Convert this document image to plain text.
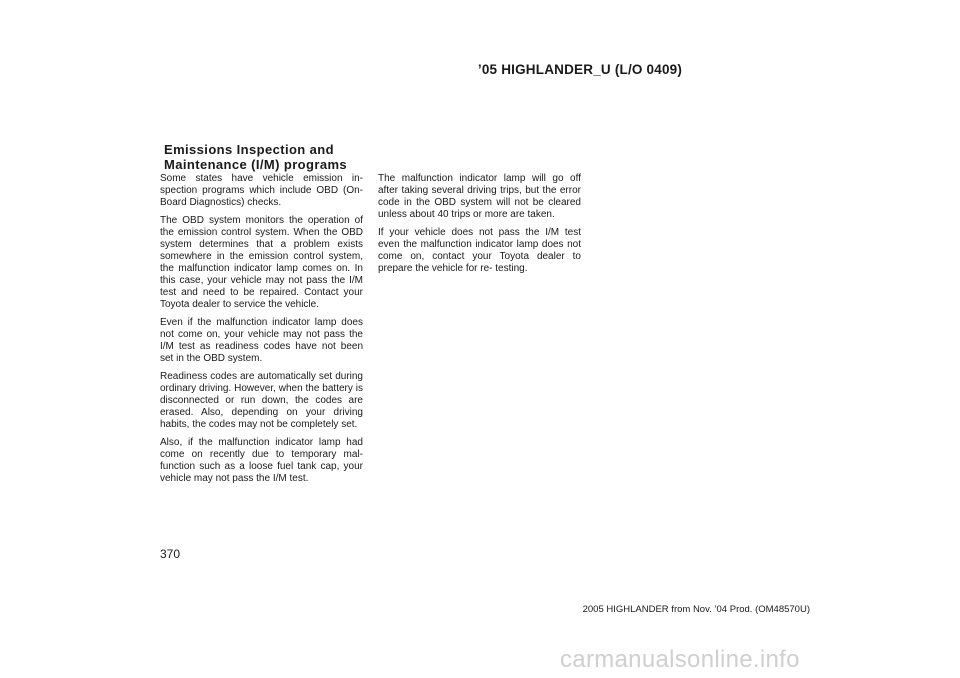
’05 HIGHLANDER_U (L/O 0409)
Emissions Inspection and
Maintenance (I/M) programs

Some states have vehicle emission in- spection programs which include OBD (On- Board Diagnostics) checks.

The OBD system monitors the operation of the emission control system. When the OBD system determines that a problem exists somewhere in the emission control system, the malfunction indicator lamp comes on. In this case, your vehicle may not pass the I/M test and need to be repaired. Contact your Toyota dealer to service the vehicle.

Even if the malfunction indicator lamp does not come on, your vehicle may not pass the I/M test as readiness codes have not been set in the OBD system.

Readiness codes are automatically set during ordinary driving. However, when the battery is disconnected or run down, the codes are erased. Also, depending on your driving habits, the codes may not be completely set.

Also, if the malfunction indicator lamp had come on recently due to temporary mal- function such as a loose fuel tank cap, your vehicle may not pass the I/M test.

The malfunction indicator lamp will go off after taking several driving trips, but the error code in the OBD system will not be cleared unless about 40 trips or more are taken.

If your vehicle does not pass the I/M test even the malfunction indicator lamp does not come on, contact your Toyota dealer to prepare the vehicle for re- testing.

370
2005 HIGHLANDER from Nov. ’04 Prod. (OM48570U)
carmanualsonline.info
